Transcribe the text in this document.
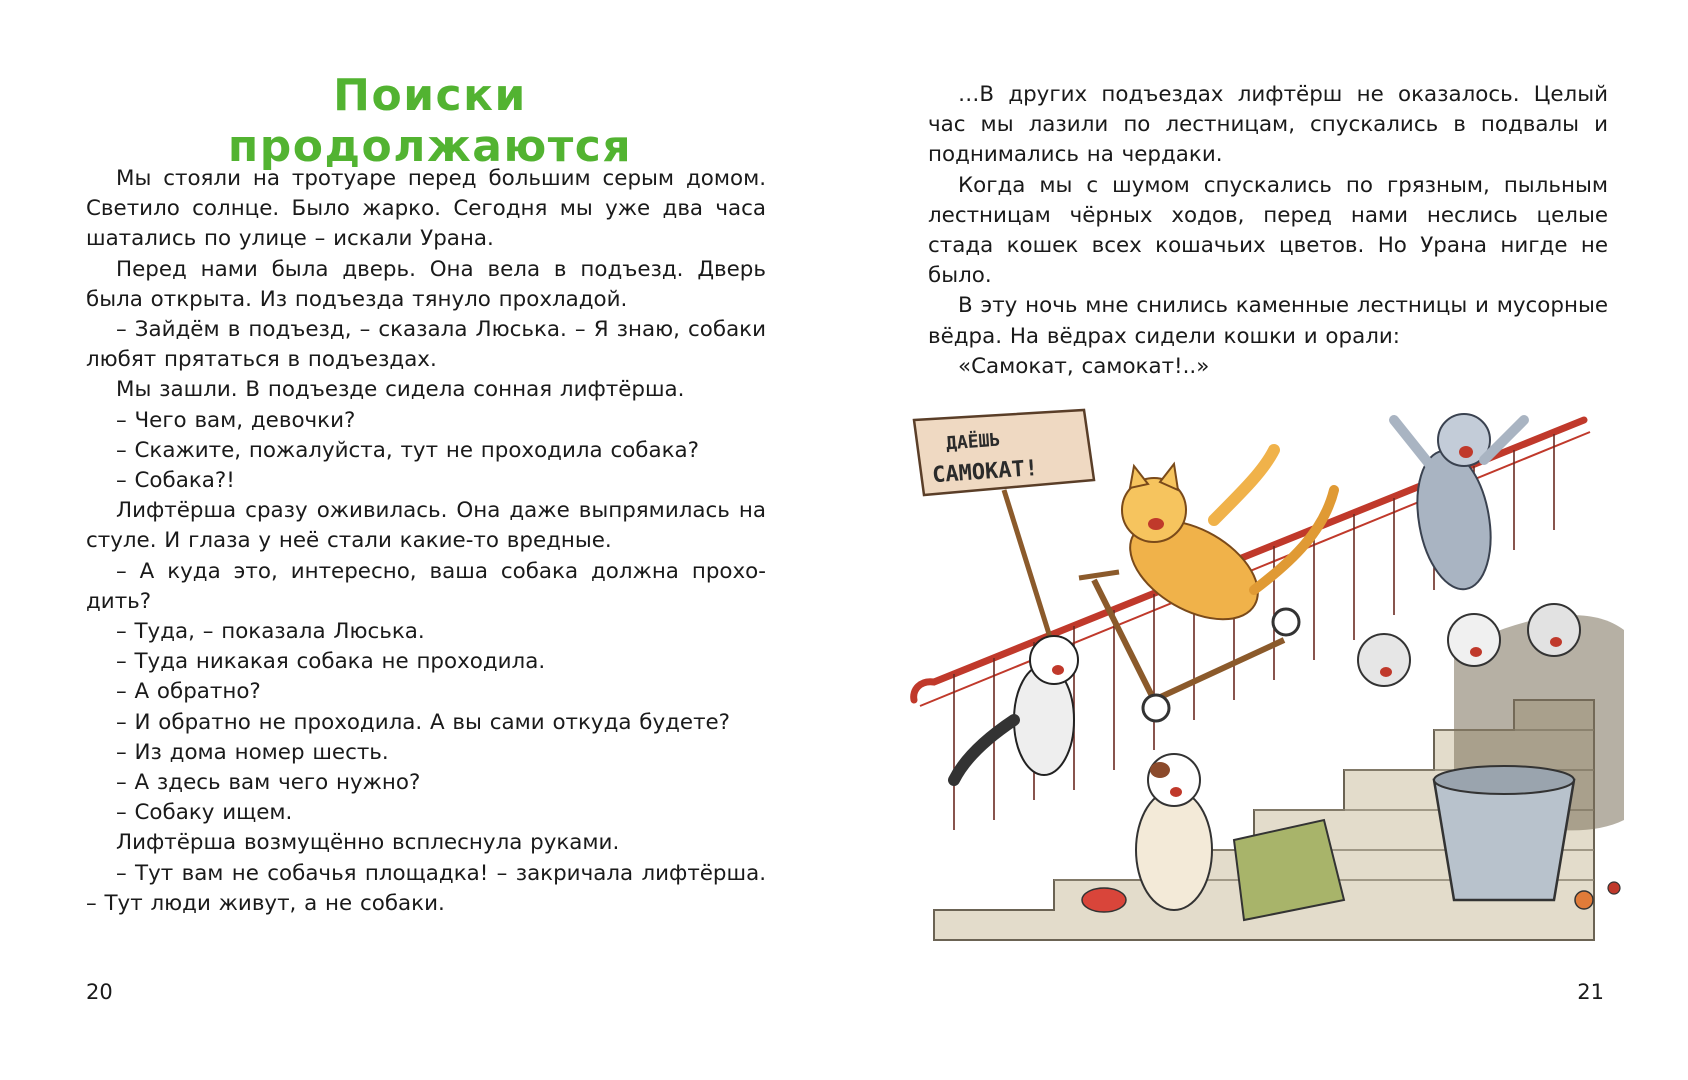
Поиски продолжаются

Мы стояли на тротуаре перед большим серым домом. Светило солнце. Было жарко. Сегодня мы уже два часа шатались по улице – искали Урана.

Перед нами была дверь. Она вела в подъезд. Дверь была открыта. Из подъезда тянуло прохладой.

– Зайдём в подъезд, – сказала Люська. – Я знаю, собаки любят прятаться в подъездах.

Мы зашли. В подъезде сидела сонная лифтёрша.

– Чего вам, девочки?

– Скажите, пожалуйста, тут не проходила собака?

– Собака?!

Лифтёрша сразу оживилась. Она даже выпрямилась на стуле. И глаза у неё стали какие-то вредные.

– А куда это, интересно, ваша собака должна проходить?

– Туда, – показала Люська.

– Туда никакая собака не проходила.

– А обратно?

– И обратно не проходила. А вы сами откуда будете?

– Из дома номер шесть.

– А здесь вам чего нужно?

– Собаку ищем.

Лифтёрша возмущённо всплеснула руками.

– Тут вам не собачья площадка! – закричала лифтёрша. – Тут люди живут, а не собаки.

20

…В других подъездах лифтёрш не оказалось. Целый час мы лазили по лестницам, спускались в подвалы и поднимались на чердаки.

Когда мы с шумом спускались по грязным, пыльным лестницам чёрных ходов, перед нами неслись целые стада кошек всех кошачьих цветов. Но Урана нигде не было.

В эту ночь мне снились каменные лестницы и мусорные вёдра. На вёдрах сидели кошки и орали:

«Самокат, самокат!..»

ДАЁШЬ
САМОКАТ!
21
